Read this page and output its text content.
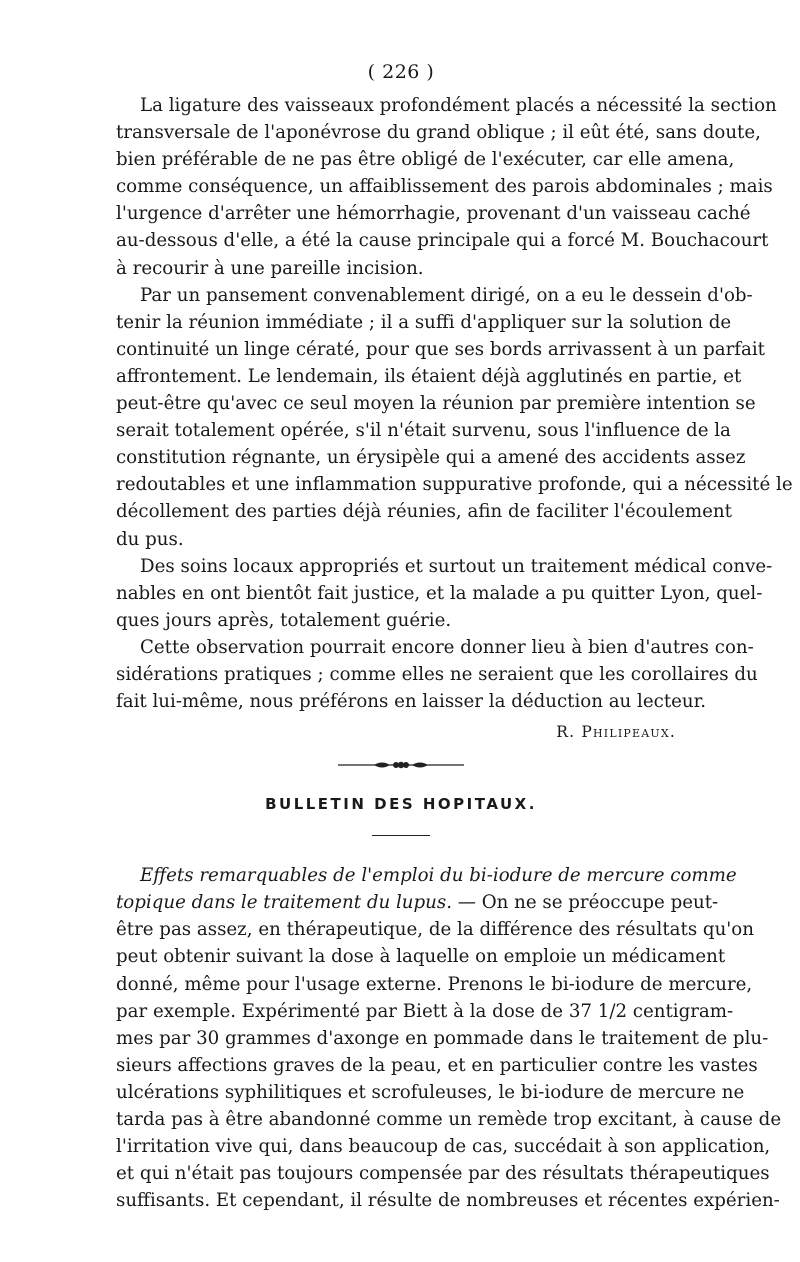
( 226 )
La ligature des vaisseaux profondément placés a nécessité la section
transversale de l'aponévrose du grand oblique ; il eût été, sans doute,
bien préférable de ne pas être obligé de l'exécuter, car elle amena,
comme conséquence, un affaiblissement des parois abdominales ; mais
l'urgence d'arrêter une hémorrhagie, provenant d'un vaisseau caché
au-dessous d'elle, a été la cause principale qui a forcé M. Bouchacourt
à recourir à une pareille incision.
Par un pansement convenablement dirigé, on a eu le dessein d'ob-
tenir la réunion immédiate ; il a suffi d'appliquer sur la solution de
continuité un linge cératé, pour que ses bords arrivassent à un parfait
affrontement. Le lendemain, ils étaient déjà agglutinés en partie, et
peut-être qu'avec ce seul moyen la réunion par première intention se
serait totalement opérée, s'il n'était survenu, sous l'influence de la
constitution régnante, un érysipèle qui a amené des accidents assez
redoutables et une inflammation suppurative profonde, qui a nécessité le
décollement des parties déjà réunies, afin de faciliter l'écoulement
du pus.
Des soins locaux appropriés et surtout un traitement médical conve-
nables en ont bientôt fait justice, et la malade a pu quitter Lyon, quel-
ques jours après, totalement guérie.
Cette observation pourrait encore donner lieu à bien d'autres con-
sidérations pratiques ; comme elles ne seraient que les corollaires du
fait lui-même, nous préférons en laisser la déduction au lecteur.
R. Philipeaux.
BULLETIN DES HOPITAUX.
Effets remarquables de l'emploi du bi-iodure de mercure comme
topique dans le traitement du lupus. — On ne se préoccupe peut-
être pas assez, en thérapeutique, de la différence des résultats qu'on
peut obtenir suivant la dose à laquelle on emploie un médicament
donné, même pour l'usage externe. Prenons le bi-iodure de mercure,
par exemple. Expérimenté par Biett à la dose de 37 1/2 centigram-
mes par 30 grammes d'axonge en pommade dans le traitement de plu-
sieurs affections graves de la peau, et en particulier contre les vastes
ulcérations syphilitiques et scrofuleuses, le bi-iodure de mercure ne
tarda pas à être abandonné comme un remède trop excitant, à cause de
l'irritation vive qui, dans beaucoup de cas, succédait à son application,
et qui n'était pas toujours compensée par des résultats thérapeutiques
suffisants. Et cependant, il résulte de nombreuses et récentes expérien-
